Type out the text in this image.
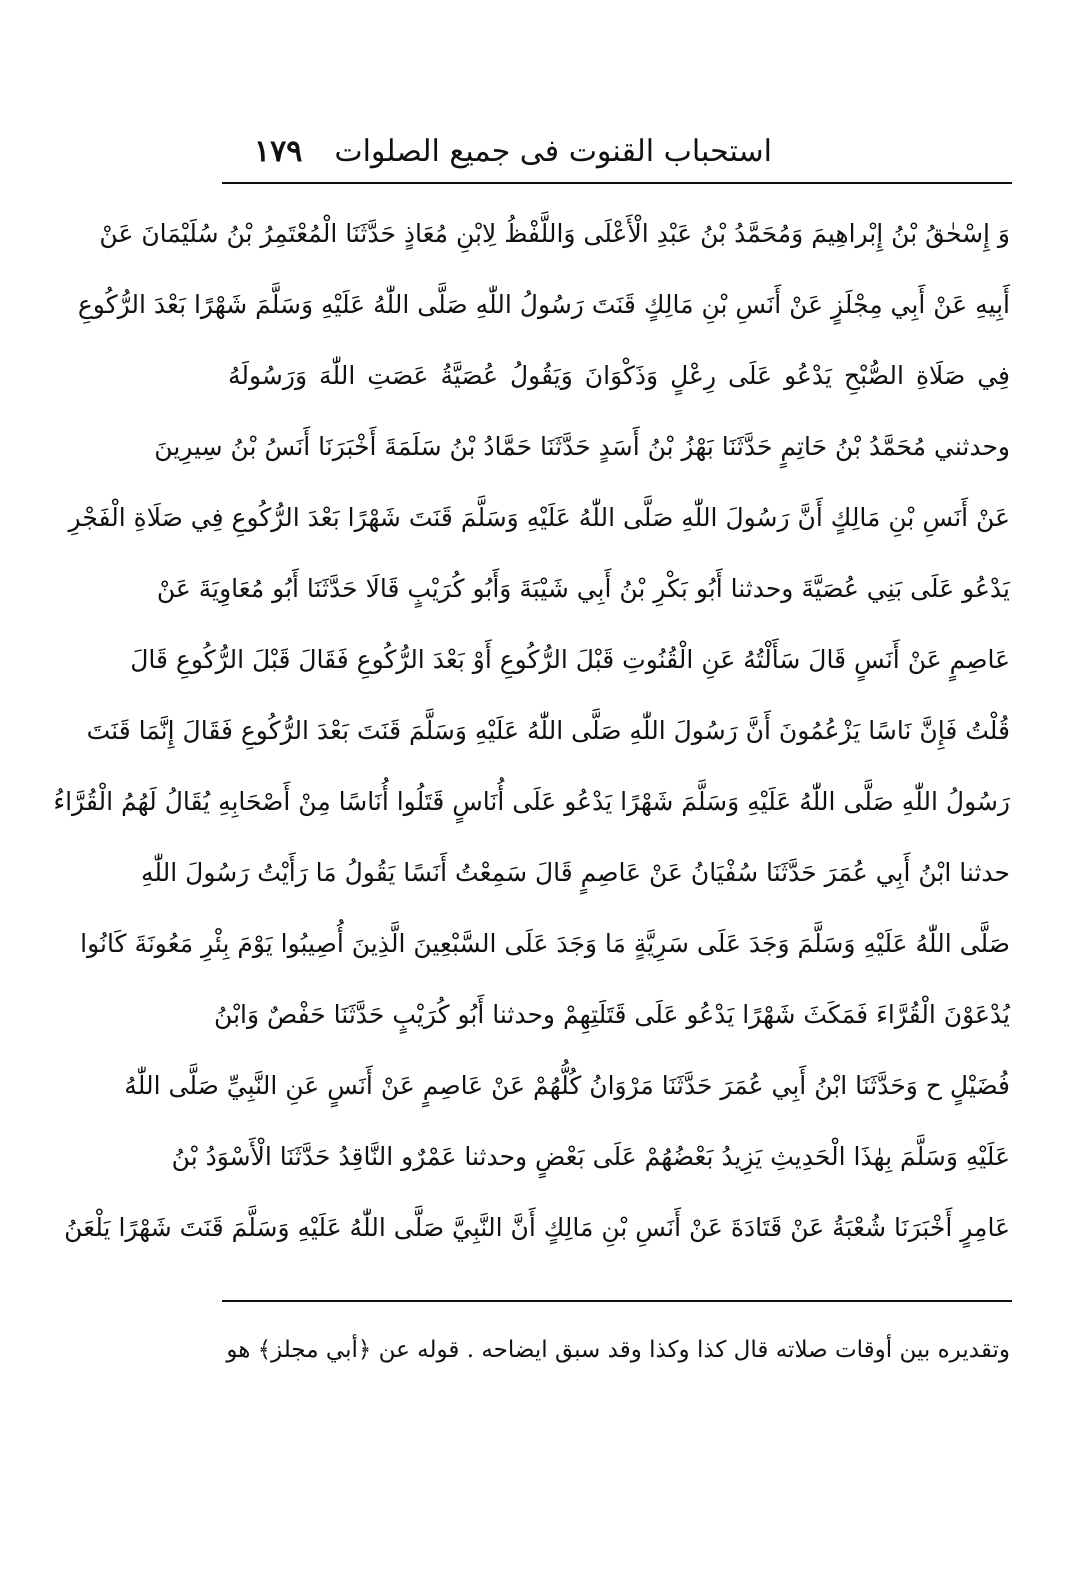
استحباب القنوت فى جميع الصلوات
١٧٩
وَ إِسْحٰقُ بْنُ إِبْراهِيمَ وَمُحَمَّدُ بْنُ عَبْدِ الْأَعْلَى وَاللَّفْظُ لِابْنِ مُعَاذٍ حَدَّثَنَا الْمُعْتَمِرُ بْنُ سُلَيْمَانَ عَنْ
أَبِيهِ عَنْ أَبِي مِجْلَزٍ عَنْ أَنَسِ بْنِ مَالِكٍ قَنَتَ رَسُولُ اللّٰهِ صَلَّى اللّٰهُ عَلَيْهِ وَسَلَّمَ شَهْرًا بَعْدَ الرُّكُوعِ
فِي صَلَاةِ الصُّبْحِ يَدْعُو عَلَى رِعْلٍ وَذَكْوَانَ وَيَقُولُ عُصَيَّةُ عَصَتِ اللّٰهَ وَرَسُولَهُ
وحدثني مُحَمَّدُ بْنُ حَاتِمٍ حَدَّثَنَا بَهْزُ بْنُ أَسَدٍ حَدَّثَنَا حَمَّادُ بْنُ سَلَمَةَ أَخْبَرَنَا أَنَسُ بْنُ سِيرِينَ
عَنْ أَنَسِ بْنِ مَالِكٍ أَنَّ رَسُولَ اللّٰهِ صَلَّى اللّٰهُ عَلَيْهِ وَسَلَّمَ قَنَتَ شَهْرًا بَعْدَ الرُّكُوعِ فِي صَلَاةِ الْفَجْرِ
يَدْعُو عَلَى بَنِي عُصَيَّةَ وحدثنا أَبُو بَكْرِ بْنُ أَبِي شَيْبَةَ وَأَبُو كُرَيْبٍ قَالَا حَدَّثَنَا أَبُو مُعَاوِيَةَ عَنْ
عَاصِمٍ عَنْ أَنَسٍ قَالَ سَأَلْتُهُ عَنِ الْقُنُوتِ قَبْلَ الرُّكُوعِ أَوْ بَعْدَ الرُّكُوعِ فَقَالَ قَبْلَ الرُّكُوعِ قَالَ
قُلْتُ فَإِنَّ نَاسًا يَزْعُمُونَ أَنَّ رَسُولَ اللّٰهِ صَلَّى اللّٰهُ عَلَيْهِ وَسَلَّمَ قَنَتَ بَعْدَ الرُّكُوعِ فَقَالَ إِنَّمَا قَنَتَ
رَسُولُ اللّٰهِ صَلَّى اللّٰهُ عَلَيْهِ وَسَلَّمَ شَهْرًا يَدْعُو عَلَى أُنَاسٍ قَتَلُوا أُنَاسًا مِنْ أَصْحَابِهِ يُقَالُ لَهُمُ الْقُرَّاءُ
حدثنا ابْنُ أَبِي عُمَرَ حَدَّثَنَا سُفْيَانُ عَنْ عَاصِمٍ قَالَ سَمِعْتُ أَنَسًا يَقُولُ مَا رَأَيْتُ رَسُولَ اللّٰهِ
صَلَّى اللّٰهُ عَلَيْهِ وَسَلَّمَ وَجَدَ عَلَى سَرِيَّةٍ مَا وَجَدَ عَلَى السَّبْعِينَ الَّذِينَ أُصِيبُوا يَوْمَ بِئْرِ مَعُونَةَ كَانُوا
يُدْعَوْنَ الْقُرَّاءَ فَمَكَثَ شَهْرًا يَدْعُو عَلَى قَتَلَتِهِمْ وحدثنا أَبُو كُرَيْبٍ حَدَّثَنَا حَفْصٌ وَابْنُ
فُضَيْلٍ ح وَحَدَّثَنَا ابْنُ أَبِي عُمَرَ حَدَّثَنَا مَرْوَانُ كُلُّهُمْ عَنْ عَاصِمٍ عَنْ أَنَسٍ عَنِ النَّبِيِّ صَلَّى اللّٰهُ
عَلَيْهِ وَسَلَّمَ بِهٰذَا الْحَدِيثِ يَزِيدُ بَعْضُهُمْ عَلَى بَعْضٍ وحدثنا عَمْرٌو النَّاقِدُ حَدَّثَنَا الْأَسْوَدُ بْنُ
عَامِرٍ أَخْبَرَنَا شُعْبَةُ عَنْ قَتَادَةَ عَنْ أَنَسِ بْنِ مَالِكٍ أَنَّ النَّبِيَّ صَلَّى اللّٰهُ عَلَيْهِ وَسَلَّمَ قَنَتَ شَهْرًا يَلْعَنُ
وتقديره بين أوقات صلاته قال كذا وكذا وقد سبق ايضاحه . قوله عن ﴿أبي مجلز﴾ هو
